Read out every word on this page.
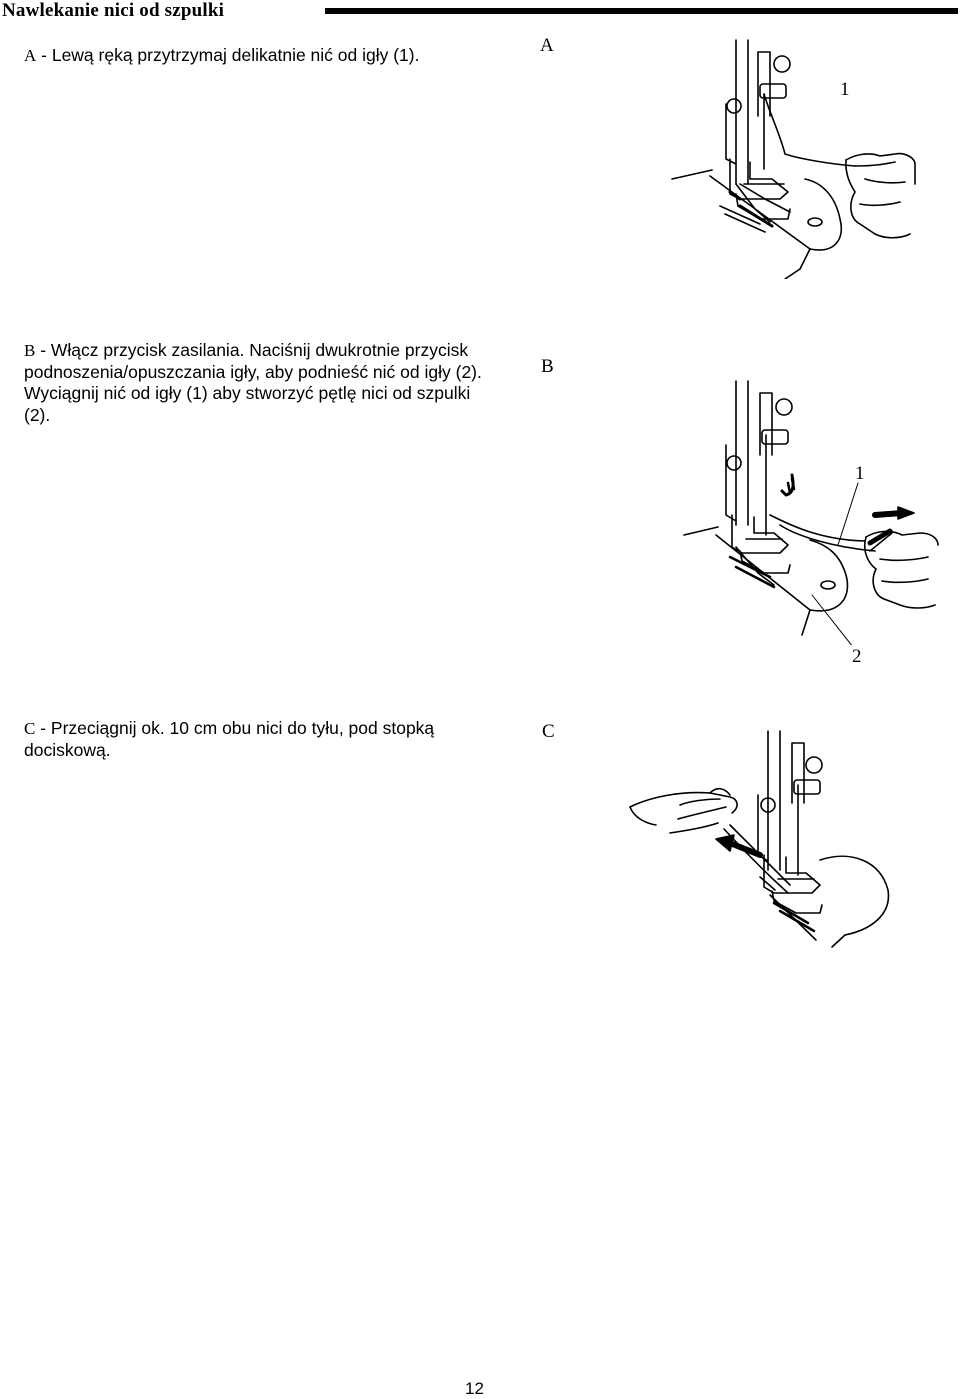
Nawlekanie nici od szpulki
A - Lewą ręką przytrzymaj delikatnie nić od igły (1).	A
1
B - Włącz przycisk zasilania. Naciśnij dwukrotnie przycisk podnoszenia/opuszczania igły, aby podnieść nić od igły (2). Wyciągnij nić od igły (1) aby stworzyć pętlę nici od szpulki (2).
B
1
2
C - Przeciągnij ok. 10 cm obu nici do tyłu, pod stopką dociskową.
C
12
